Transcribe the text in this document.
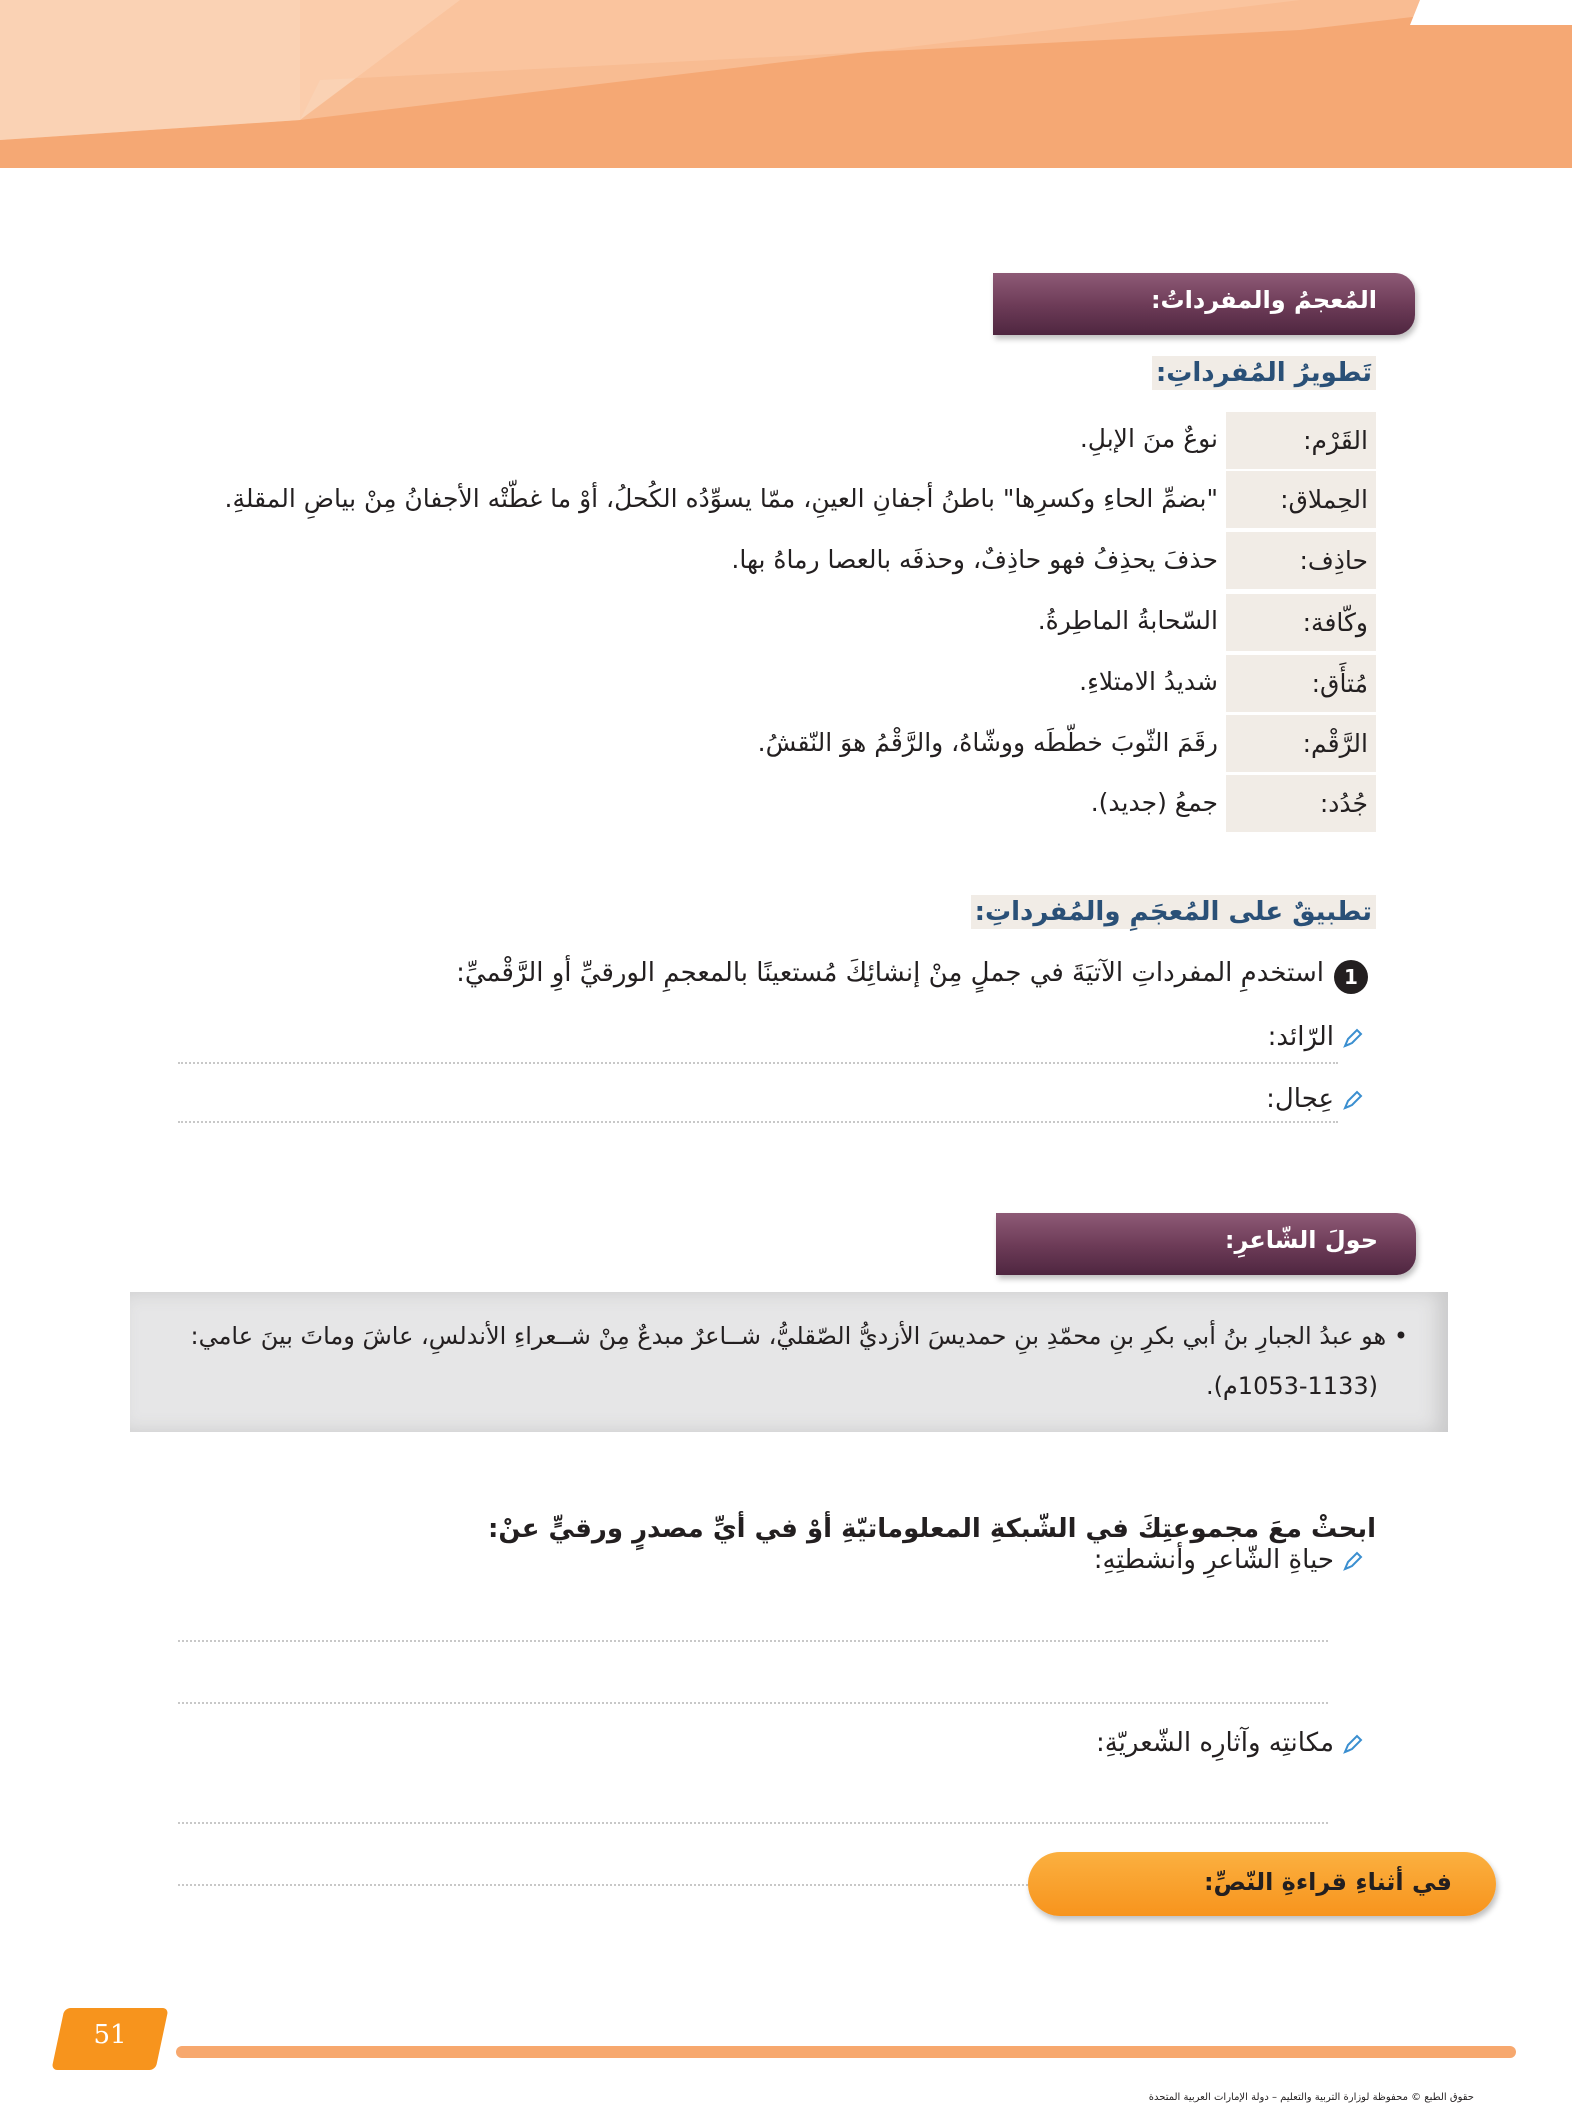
المُعجمُ والمفرداتُ:
تَطويرُ المُفرداتِ:
القَرْم:
نوعٌ منَ الإبلِ.
الحِملاق:
"بضمِّ الحاءِ وكسرِها" باطنُ أجفانِ العينِ، ممّا يسوِّدُه الكُحلُ، أوْ ما غطّتْه الأجفانُ مِنْ بياضِ المقلةِ.
حاذِف:
حذفَ يحذِفُ فهو حاذِفٌ، وحذفَه بالعصا رماهُ بها.
وكّافة:
السّحابةُ الماطِرةُ.
مُتأَق:
شديدُ الامتلاءِ.
الرَّقْم:
رقَمَ الثّوبَ خطّطَه ووشّاهُ، والرَّقْمُ هوَ النّقشُ.
جُدُد:
جمعُ (جديد).
تطبيقٌ على المُعجَمِ والمُفرداتِ:
1
استخدمِ المفرداتِ الآتيَةَ في جملٍ مِنْ إنشائِكَ مُستعينًا بالمعجمِ الورقيِّ أوِ الرَّقْميِّ:
الرّائد:
عِجال:
حولَ الشّاعرِ:
• هو عبدُ الجبارِ بنُ أبي بكرِ بنِ محمّدِ بنِ حمديسَ الأزديُّ الصّقليُّ، شــاعرٌ مبدعٌ مِنْ شــعراءِ الأندلسِ، عاشَ وماتَ بينَ عامي:
(1053-1133م).
ابحثْ معَ مجموعتِكَ في الشّبكةِ المعلوماتيّةِ أوْ في أيِّ مصدرٍ ورقيٍّ عنْ:
حياةِ الشّاعرِ وأنشطتِهِ:
مكانتِه وآثارِه الشّعريّةِ:
في أثناءِ قراءةِ النّصِّ:
51
حقوق الطبع © محفوظة لوزارة التربية والتعليم – دولة الإمارات العربية المتحدة
